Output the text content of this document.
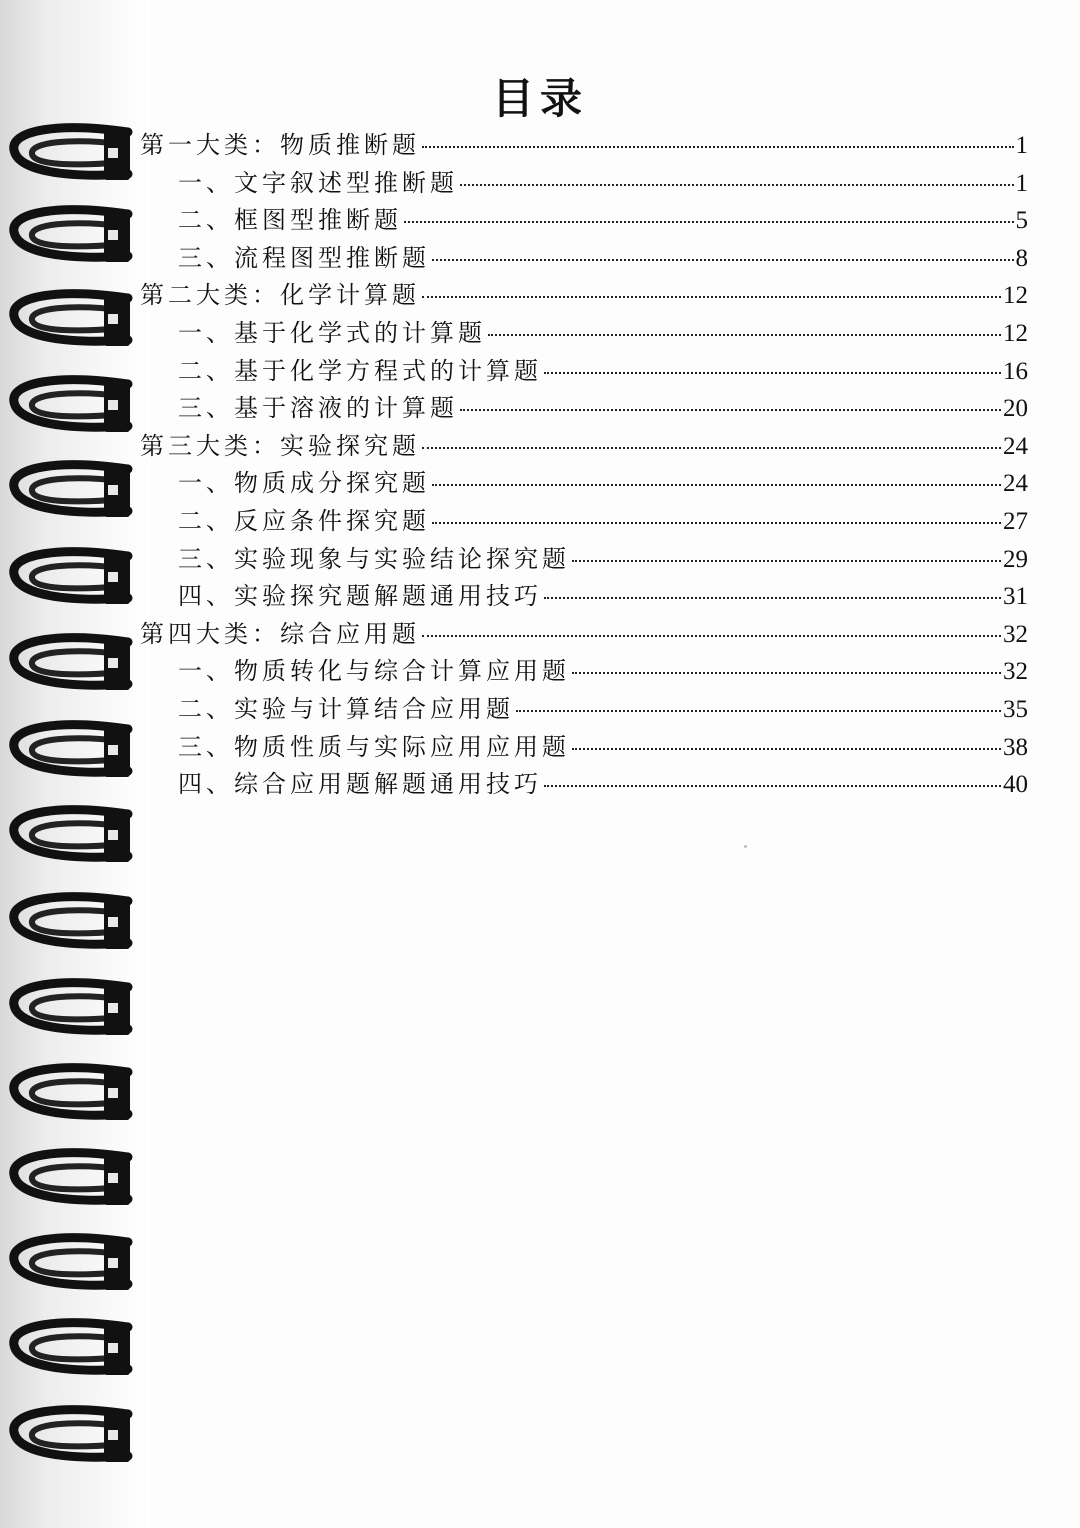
目录
第一大类：物质推断题	1
一、文字叙述型推断题	1
二、框图型推断题	5
三、流程图型推断题	8
第二大类：化学计算题	12
一、基于化学式的计算题	12
二、基于化学方程式的计算题	16
三、基于溶液的计算题	20
第三大类：实验探究题	24
一、物质成分探究题	24
二、反应条件探究题	27
三、实验现象与实验结论探究题	29
四、实验探究题解题通用技巧	31
第四大类：综合应用题	32
一、物质转化与综合计算应用题	32
二、实验与计算结合应用题	35
三、物质性质与实际应用应用题	38
四、综合应用题解题通用技巧	40
